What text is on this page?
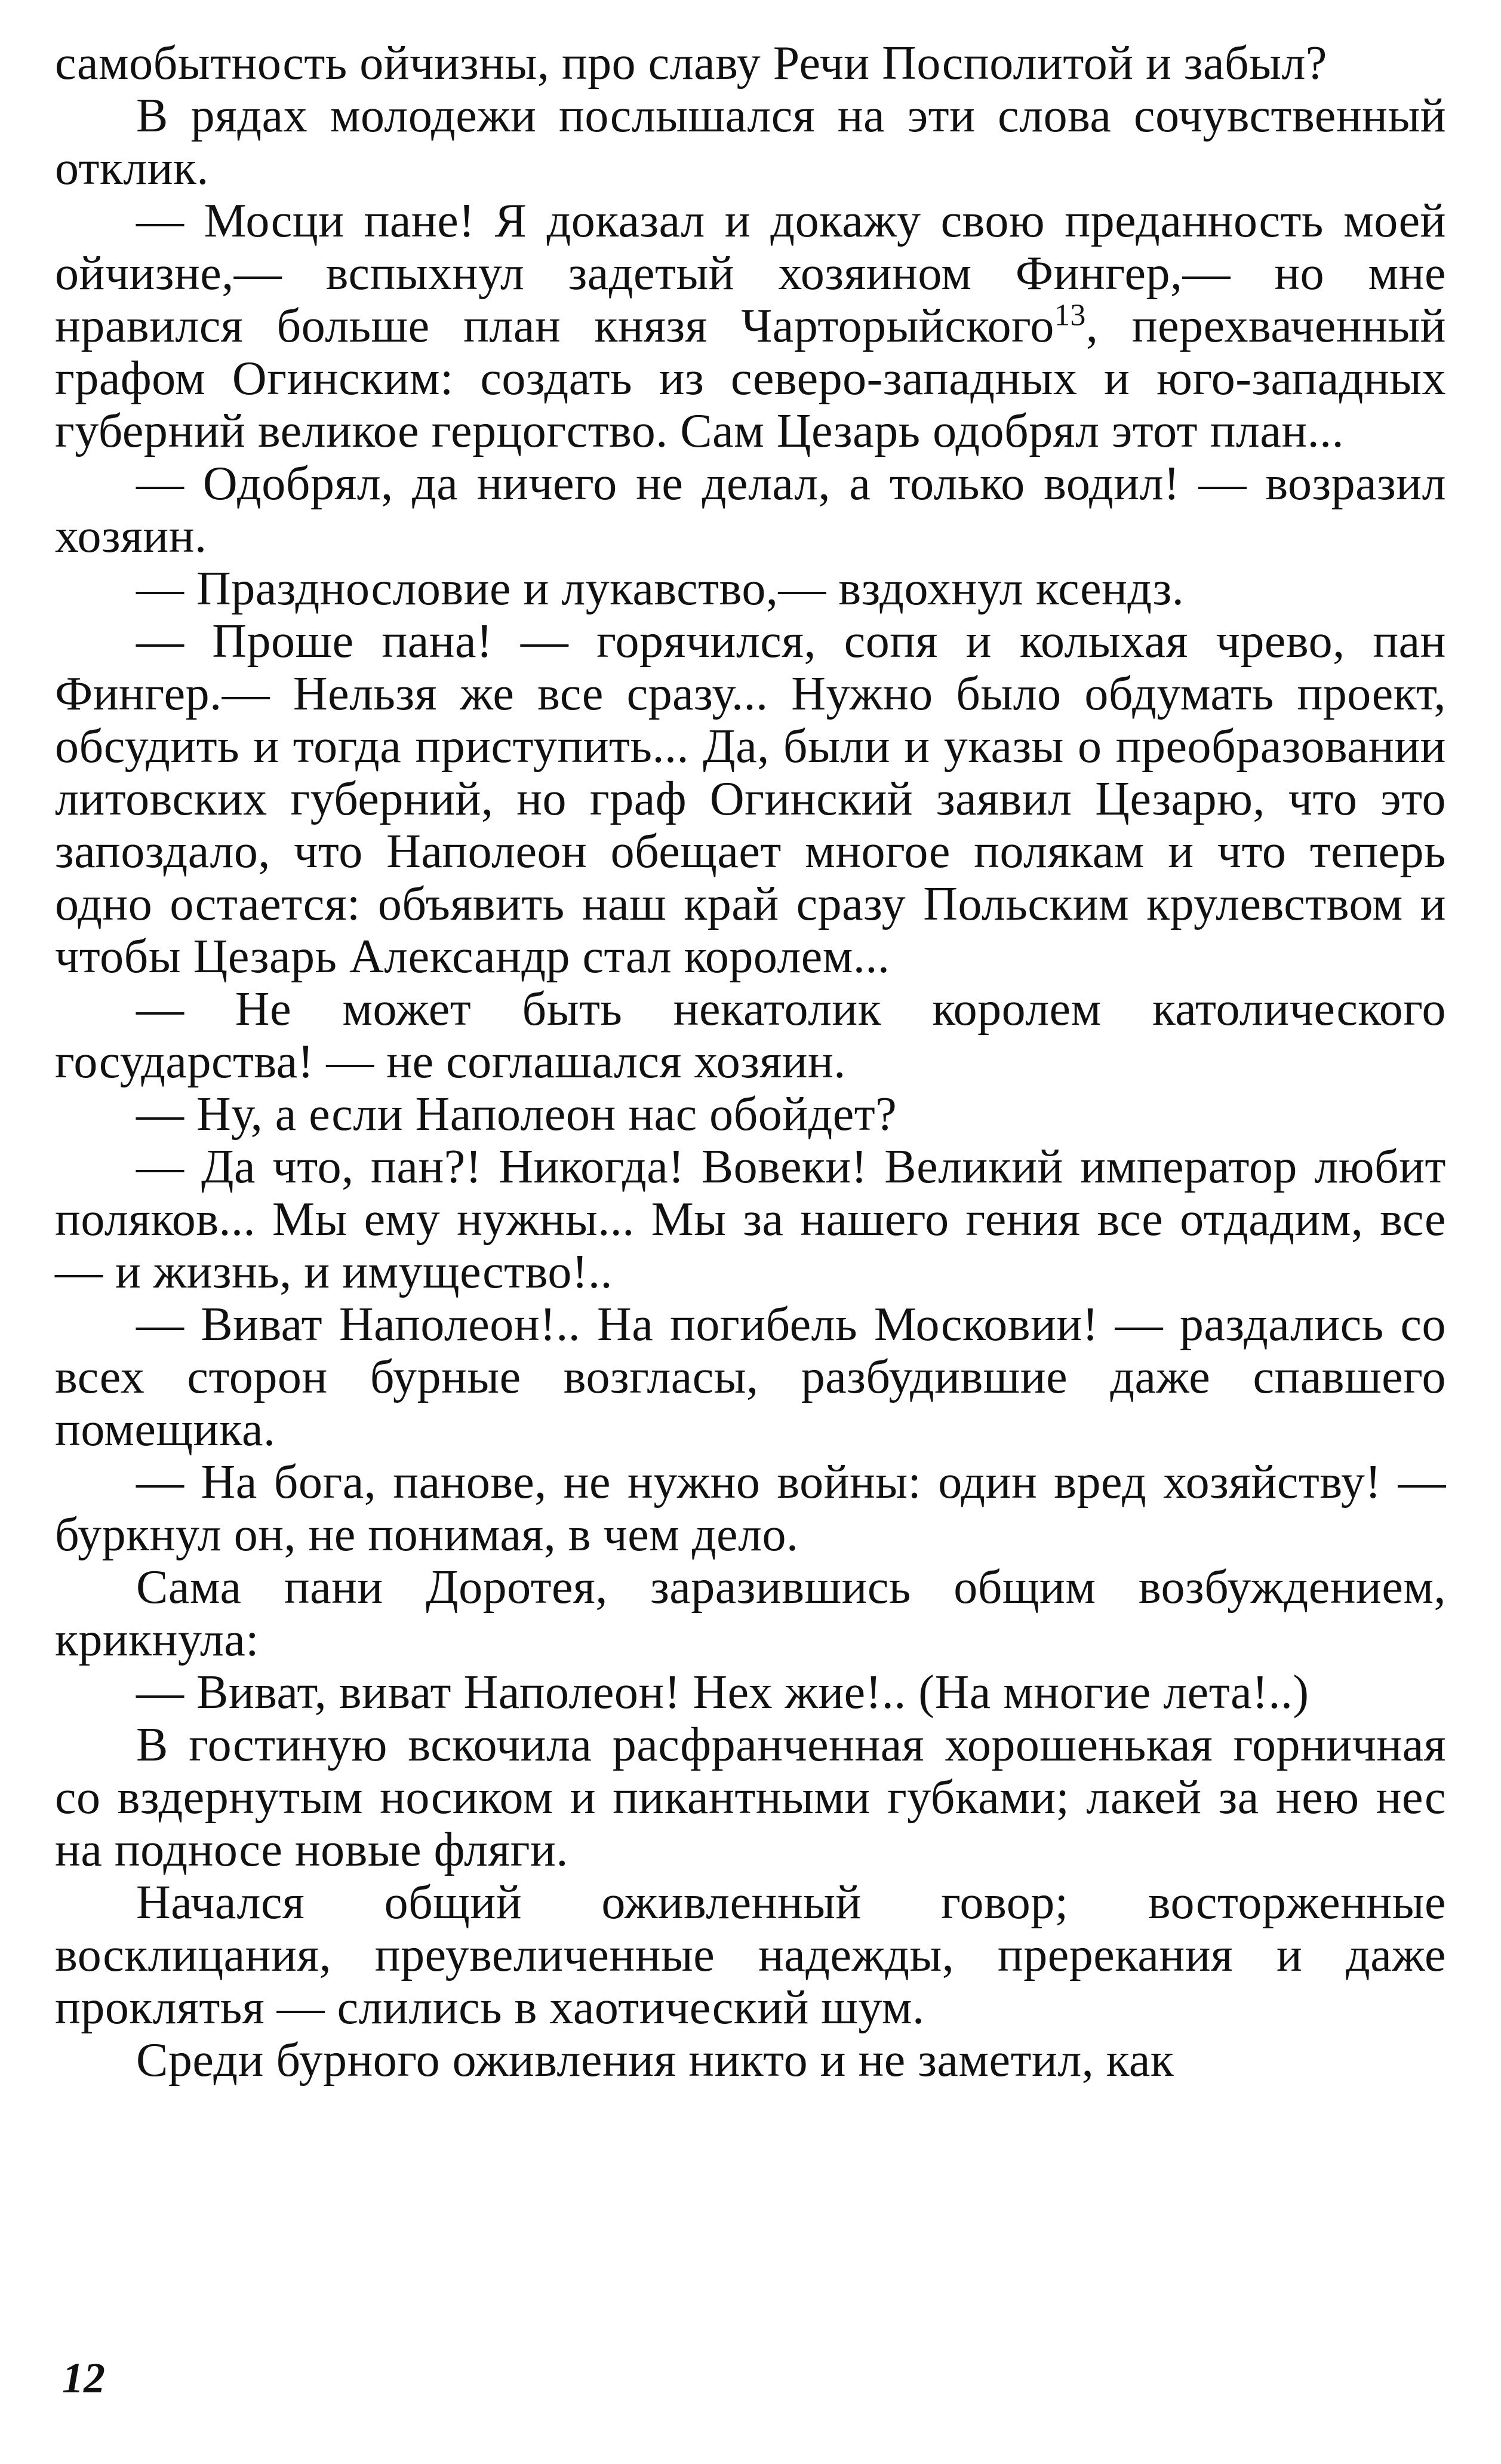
самобытность ойчизны, про славу Речи Посполитой и забыл?

В рядах молодежи послышался на эти слова сочувственный отклик.

— Мосци пане! Я доказал и докажу свою преданность моей ойчизне,— вспыхнул задетый хозяином Фингер,— но мне нравился больше план князя Чарторыйского$^{13}$, перехваченный графом Огинским: создать из северо-западных и юго-западных губерний великое герцогство. Сам Цезарь одобрял этот план...

— Одобрял, да ничего не делал, а только водил! — возразил хозяин.

— Празднословие и лукавство,— вздохнул ксендз.

— Проше пана! — горячился, сопя и колыхая чрево, пан Фингер.— Нельзя же все сразу... Нужно было обдумать проект, обсудить и тогда приступить... Да, были и указы о преобразовании литовских губерний, но граф Огинский заявил Цезарю, что это запоздало, что Наполеон обещает многое полякам и что теперь одно остается: объявить наш край сразу Польским крулевством и чтобы Цезарь Александр стал королем...

— Не может быть некатолик королем католического государства! — не соглашался хозяин.

— Ну, а если Наполеон нас обойдет?

— Да что, пан?! Никогда! Вовеки! Великий император любит поляков... Мы ему нужны... Мы за нашего гения все отдадим, все — и жизнь, и имущество!..

— Виват Наполеон!.. На погибель Московии! — раздались со всех сторон бурные возгласы, разбудившие даже спавшего помещика.

— На бога, панове, не нужно войны: один вред хозяйству! — буркнул он, не понимая, в чем дело.

Сама пани Доротея, заразившись общим возбуждением, крикнула:

— Виват, виват Наполеон! Нех жие!.. (На многие лета!..)

В гостиную вскочила расфранченная хорошенькая горничная со вздернутым носиком и пикантными губками; лакей за нею нес на подносе новые фляги.

Начался общий оживленный говор; восторженные восклицания, преувеличенные надежды, пререкания и даже проклятья — слились в хаотический шум.

Среди бурного оживления никто и не заметил, как

12
